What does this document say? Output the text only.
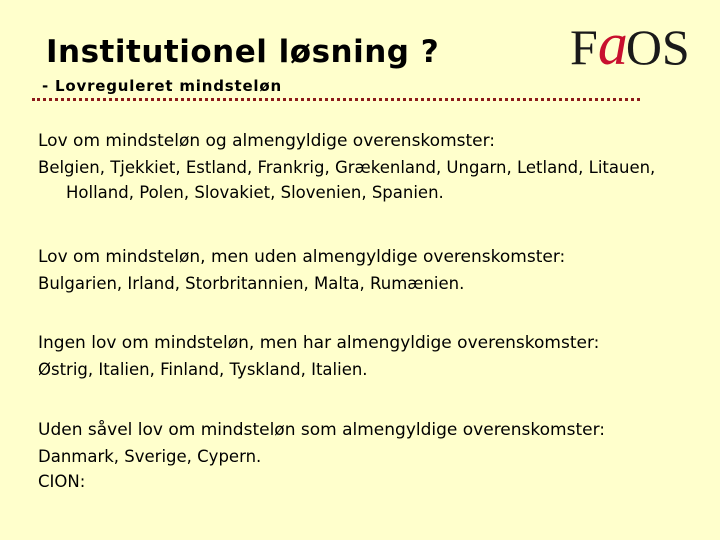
Institutionel løsning ?
- Lovreguleret mindsteløn
FaOS
Lov om mindsteløn og almengyldige overenskomster:
Belgien, Tjekkiet, Estland, Frankrig, Grækenland, Ungarn, Letland, Litauen, Holland, Polen, Slovakiet, Slovenien, Spanien.
Lov om mindsteløn, men uden almengyldige overenskomster:
Bulgarien, Irland, Storbritannien, Malta, Rumænien.
Ingen lov om mindsteløn, men har almengyldige overenskomster:
Østrig, Italien, Finland, Tyskland, Italien.
Uden såvel lov om mindsteløn som almengyldige overenskomster:
Danmark, Sverige, Cypern.
CION:
